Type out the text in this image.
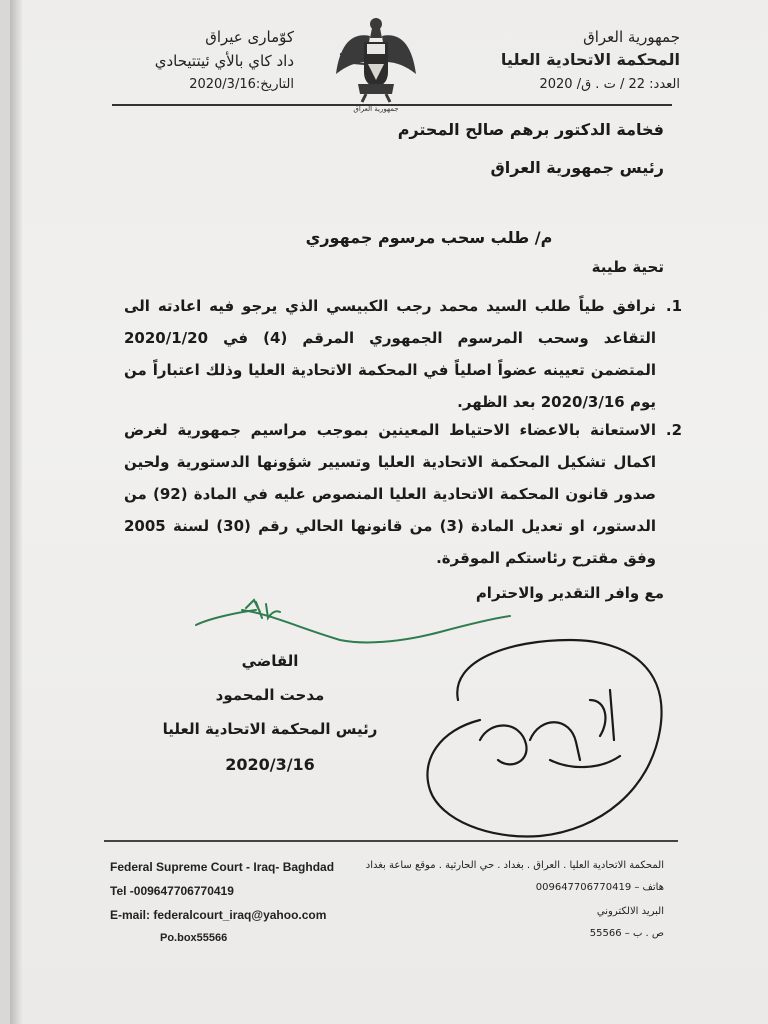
جمهورية العراق
المحكمة الاتحادية العليا
العدد: 22 / ت . ق/ 2020
جمهورية العراق
كوّماری عیراق
داد كاي بالأي ئيتتيحادي
التاريخ:2020/3/16
فخامة الدكتور برهم صالح المحترم
رئيس جمهورية العراق
م/ طلب سحب مرسوم جمهوري
تحية طيبة
1.
نرافق طياً طلب السيد محمد رجب الكبيسي الذي يرجو فيه اعادته الى التقاعد وسحب المرسوم الجمهوري المرقم (4) في 2020/1/20 المتضمن تعيينه عضواً اصلياً في المحكمة الاتحادية العليا وذلك اعتباراً من يوم 2020/3/16 بعد الظهر.
2.
الاستعانة بالاعضاء الاحتياط المعينين بموجب مراسيم جمهورية لغرض اكمال تشكيل المحكمة الاتحادية العليا وتسيير شؤونها الدستورية ولحين صدور قانون المحكمة الاتحادية العليا المنصوص عليه في المادة (92) من الدستور، او تعديل المادة (3) من قانونها الحالي رقم (30) لسنة 2005 وفق مقترح رئاستكم الموقرة.
مع وافر التقدير والاحترام
القاضي
مدحت المحمود
رئيس المحكمة الاتحادية العليا
2020/3/16
Federal Supreme Court - Iraq- Baghdad
Tel -009647706770419
E-mail: federalcourt_iraq@yahoo.com
Po.box55566
المحكمة الاتحادية العليا . العراق . بغداد . حي الحارثية . موقع ساعة بغداد
هاتف – 009647706770419
البريد الالكتروني
ص . ب – 55566
